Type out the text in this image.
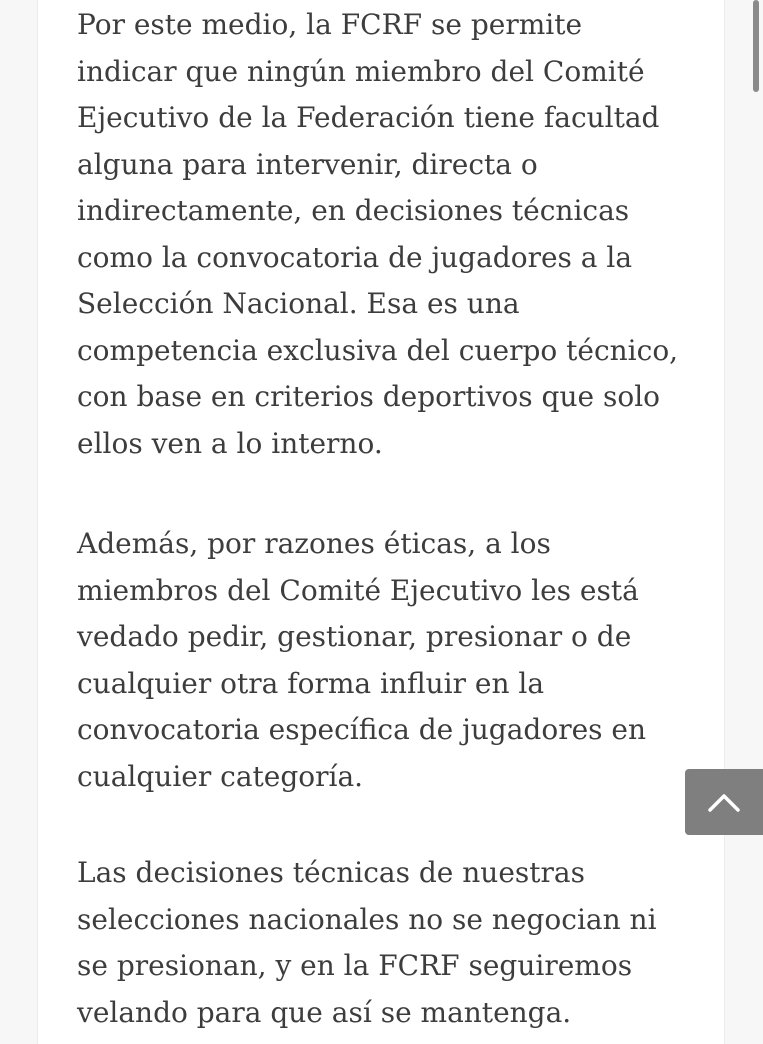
Por este medio, la FCRF se permite
indicar que ningún miembro del Comité
Ejecutivo de la Federación tiene facultad
alguna para intervenir, directa o
indirectamente, en decisiones técnicas
como la convocatoria de jugadores a la
Selección Nacional. Esa es una
competencia exclusiva del cuerpo técnico,
con base en criterios deportivos que solo
ellos ven a lo interno.
Además, por razones éticas, a los
miembros del Comité Ejecutivo les está
vedado pedir, gestionar, presionar o de
cualquier otra forma influir en la
convocatoria específica de jugadores en
cualquier categoría.
Las decisiones técnicas de nuestras
selecciones nacionales no se negocian ni
se presionan, y en la FCRF seguiremos
velando para que así se mantenga.
